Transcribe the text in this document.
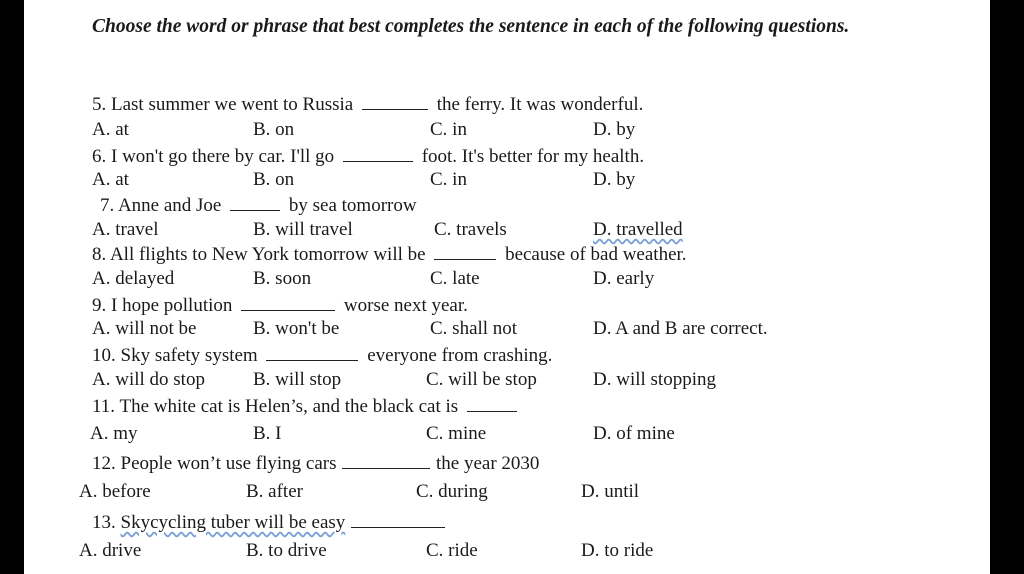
Choose the word or phrase that best completes the sentence in each of the following questions.
5. Last summer we went to Russia	the ferry. It was wonderful.
A. at	B. on	C. in	D. by
6. I won't go there by car. I'll go	foot. It's better for my health.
A. at	B. on	C. in	D. by
7. Anne and Joe	by sea tomorrow
A. travel	B. will travel	C. travels	D. travelled
8. All flights to New York tomorrow will be	because of bad weather.
A. delayed	B. soon	C. late	D. early
9. I hope pollution	worse next year.
A. will not be	B. won't be	C. shall not	D. A and B are correct.
10. Sky safety system	everyone from crashing.
A. will do stop	B. will stop	C. will be stop	D. will stopping
11. The white cat is Helen’s, and the black cat is
A. my	B. I	C. mine	D. of mine
12. People won’t use flying cars	the year 2030
A. before	B. after	C. during	D. until
13. Skycycling tuber will be easy
A. drive	B. to drive	C. ride	D. to ride
